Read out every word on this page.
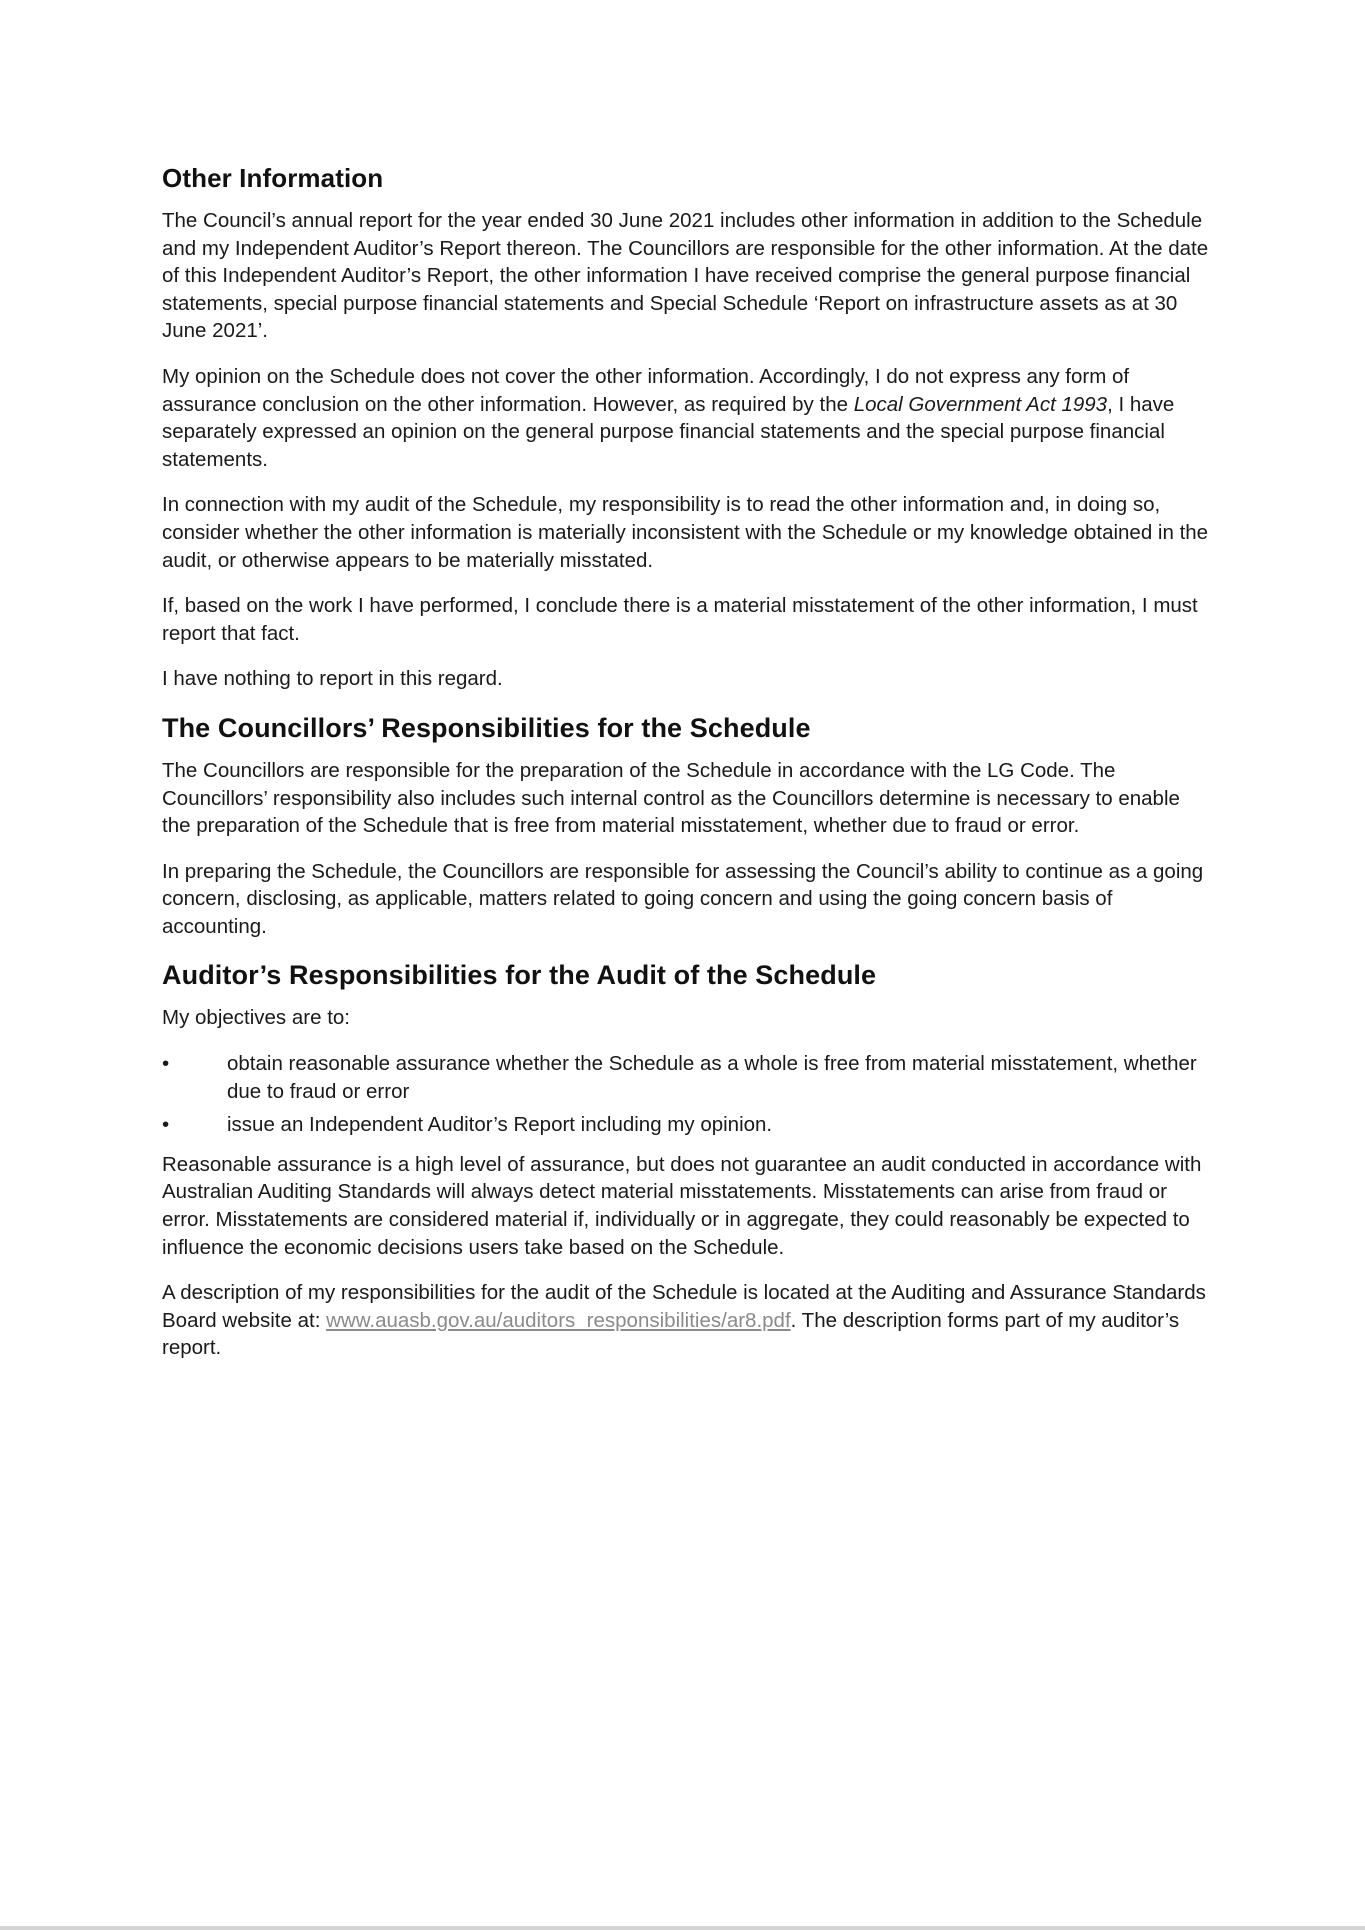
Other Information

The Council’s annual report for the year ended 30 June 2021 includes other information in addition to the Schedule and my Independent Auditor’s Report thereon. The Councillors are responsible for the other information. At the date of this Independent Auditor’s Report, the other information I have received comprise the general purpose financial statements, special purpose financial statements and Special Schedule ‘Report on infrastructure assets as at 30 June 2021’.

My opinion on the Schedule does not cover the other information. Accordingly, I do not express any form of assurance conclusion on the other information. However, as required by the Local Government Act 1993, I have separately expressed an opinion on the general purpose financial statements and the special purpose financial statements.

In connection with my audit of the Schedule, my responsibility is to read the other information and, in doing so, consider whether the other information is materially inconsistent with the Schedule or my knowledge obtained in the audit, or otherwise appears to be materially misstated.

If, based on the work I have performed, I conclude there is a material misstatement of the other information, I must report that fact.

I have nothing to report in this regard.

The Councillors’ Responsibilities for the Schedule

The Councillors are responsible for the preparation of the Schedule in accordance with the LG Code. The Councillors’ responsibility also includes such internal control as the Councillors determine is necessary to enable the preparation of the Schedule that is free from material misstatement, whether due to fraud or error.

In preparing the Schedule, the Councillors are responsible for assessing the Council’s ability to continue as a going concern, disclosing, as applicable, matters related to going concern and using the going concern basis of accounting.

Auditor’s Responsibilities for the Audit of the Schedule

My objectives are to:

•	obtain reasonable assurance whether the Schedule as a whole is free from material misstatement, whether due to fraud or error
•	issue an Independent Auditor’s Report including my opinion.

Reasonable assurance is a high level of assurance, but does not guarantee an audit conducted in accordance with Australian Auditing Standards will always detect material misstatements. Misstatements can arise from fraud or error. Misstatements are considered material if, individually or in aggregate, they could reasonably be expected to influence the economic decisions users take based on the Schedule.

A description of my responsibilities for the audit of the Schedule is located at the Auditing and Assurance Standards Board website at: www.auasb.gov.au/auditors_responsibilities/ar8.pdf. The description forms part of my auditor’s report.
